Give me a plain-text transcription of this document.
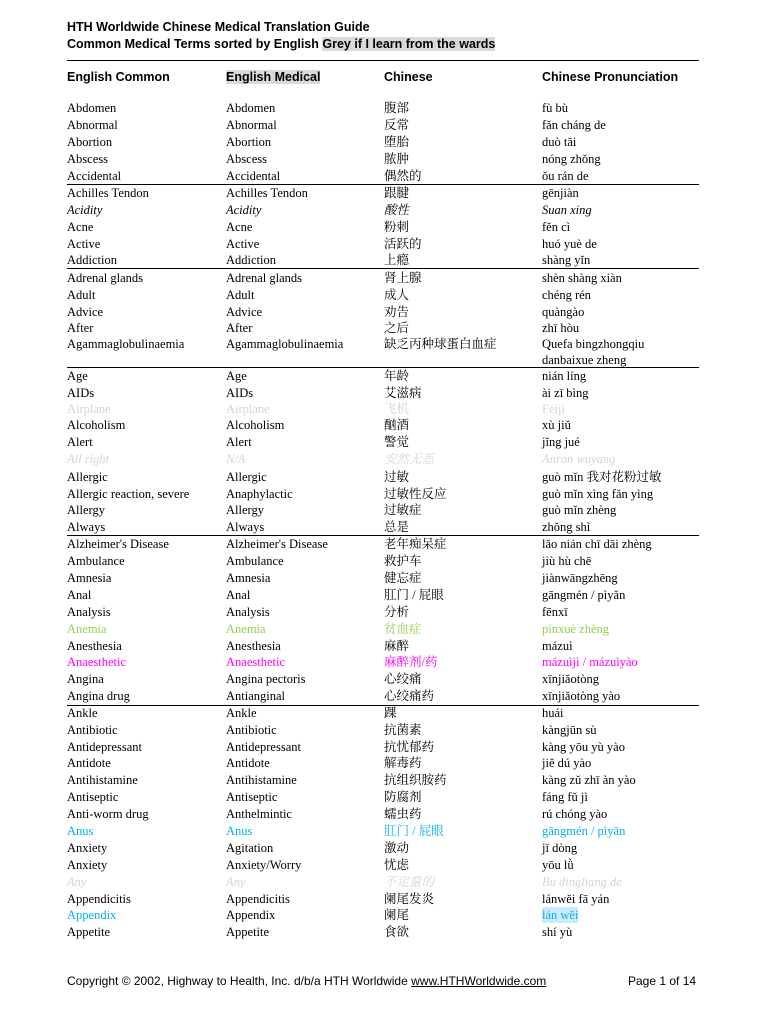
HTH Worldwide Chinese Medical Translation Guide
Common Medical Terms sorted by English Grey if I learn from the wards
English Common	English Medical	Chinese	Chinese Pronunciation
Abdomen	Abdomen	腹部	fù bù
Abnormal	Abnormal	反常	fǎn cháng de
Abortion	Abortion	堕胎	duò tāi
Abscess	Abscess	脓肿	nóng zhǒng
Accidental	Accidental	偶然的	ǒu rán de
Achilles Tendon	Achilles Tendon	跟腱	gēnjiàn
Acidity	Acidity	酸性	Suan xing
Acne	Acne	粉刺	fěn cì
Active	Active	活跃的	huó yuè de
Addiction	Addiction	上瘾	shàng yǐn
Adrenal glands	Adrenal glands	肾上腺	shèn shàng xiàn
Adult	Adult	成人	chéng rén
Advice	Advice	劝告	quàngào
After	After	之后	zhī hòu
Agammaglobulinaemia	Agammaglobulinaemia	缺乏丙种球蛋白血症	Quefa bingzhongqiu
danbaixue zheng
Age	Age	年龄	nián líng
AIDs	AIDs	艾滋病	ài zī bìng
Airplane	Airplane	飞机	Feiji
Alcoholism	Alcoholism	酗酒	xù jiǔ
Alert	Alert	警觉	jǐng jué
All right	N/A	安然无恙	Anran wuyang
Allergic	Allergic	过敏	guò mǐn 我对花粉过敏
Allergic reaction, severe	Anaphylactic	过敏性反应	guò mǐn xìng fǎn yìng
Allergy	Allergy	过敏症	guò mǐn zhèng
Always	Always	总是	zhǒng shì
Alzheimer's Disease	Alzheimer's Disease	老年痴呆症	lǎo nián chī dāi zhèng
Ambulance	Ambulance	救护车	jiù hù chē
Amnesia	Amnesia	健忘症	jiànwāngzhēng
Anal	Anal	肛门 / 屁眼	gāngmén / pìyǎn
Analysis	Analysis	分析	fēnxī
Anemia	Anemia	贫血症	pínxuè zhèng
Anesthesia	Anesthesia	麻醉	mázuì
Anaesthetic	Anaesthetic	麻醉剂/药	mázuìjì / mázuìyào
Angina	Angina pectoris	心绞痛	xīnjiǎotòng
Angina drug	Antianginal	心绞痛药	xīnjiǎotòng yào
Ankle	Ankle	踝	huái
Antibiotic	Antibiotic	抗菌素	kàngjūn sù
Antidepressant	Antidepressant	抗忧郁药	kàng yōu yù yào
Antidote	Antidote	解毒药	jiě dú yào
Antihistamine	Antihistamine	抗组织胺药	kàng zǔ zhī àn yào
Antiseptic	Antiseptic	防腐剂	fáng fǔ jì
Anti-worm drug	Anthelmintic	蠕虫药	rú chóng yào
Anus	Anus	肛门 / 屁眼	gāngmén / pìyǎn
Anxiety	Agitation	激动	jī dòng
Anxiety	Anxiety/Worry	忧虑	yōu lǜ
Any	Any	不定量的	Bu dingliang de
Appendicitis	Appendicitis	阑尾发炎	lánwěi fā yán
Appendix	Appendix	阑尾	lán wěi
Appetite	Appetite	食欲	shí yù
Copyright © 2002, Highway to Health, Inc. d/b/a HTH Worldwide www.HTHWorldwide.com	Page 1 of 14
